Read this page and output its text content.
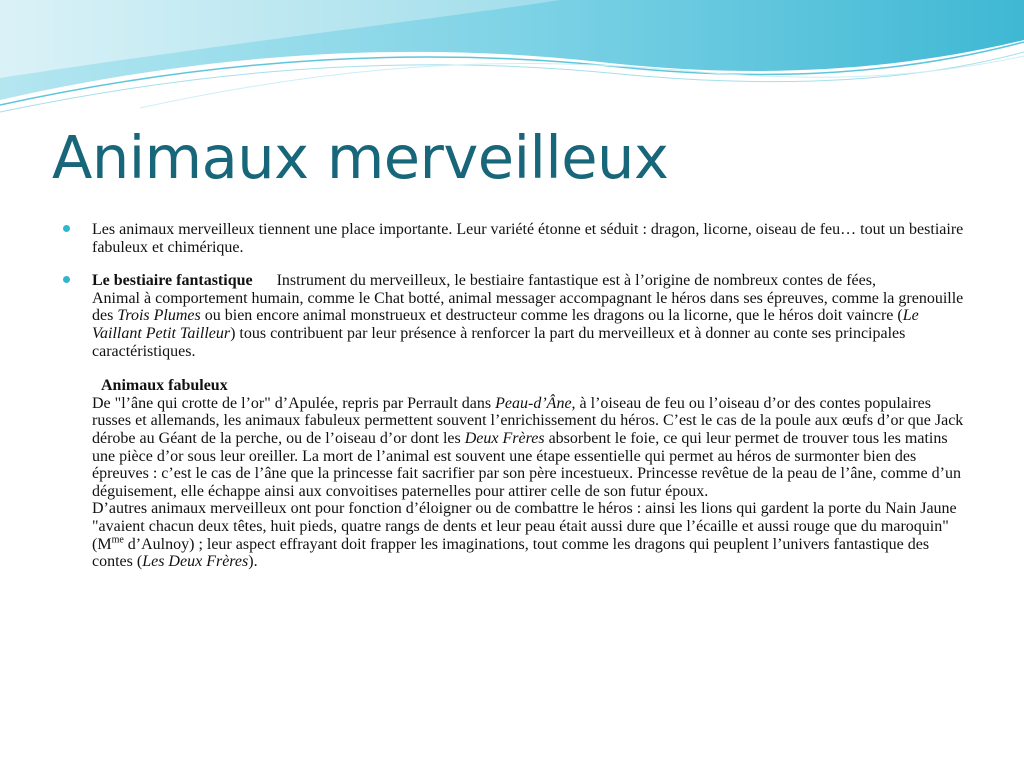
Animaux merveilleux
Les animaux merveilleux tiennent une place importante. Leur variété étonne et séduit : dragon, licorne, oiseau de feu… tout un bestiaire fabuleux et chimérique.
Le bestiaire fantastique Instrument du merveilleux, le bestiaire fantastique est à l’origine de nombreux contes de fées,
Animal à comportement humain, comme le Chat botté, animal messager accompagnant le héros dans ses épreuves, comme la grenouille des Trois Plumes ou bien encore animal monstrueux et destructeur comme les dragons ou la licorne, que le héros doit vaincre (Le Vaillant Petit Tailleur) tous contribuent par leur présence à renforcer la part du merveilleux et à donner au conte ses principales caractéristiques.
Animaux fabuleux
De "l’âne qui crotte de l’or" d’Apulée, repris par Perrault dans Peau-d’Âne, à l’oiseau de feu ou l’oiseau d’or des contes populaires russes et allemands, les animaux fabuleux permettent souvent l’enrichissement du héros. C’est le cas de la poule aux œufs d’or que Jack dérobe au Géant de la perche, ou de l’oiseau d’or dont les Deux Frères absorbent le foie, ce qui leur permet de trouver tous les matins une pièce d’or sous leur oreiller. La mort de l’animal est souvent une étape essentielle qui permet au héros de surmonter bien des épreuves : c’est le cas de l’âne que la princesse fait sacrifier par son père incestueux. Princesse revêtue de la peau de l’âne, comme d’un déguisement, elle échappe ainsi aux convoitises paternelles pour attirer celle de son futur époux.
D’autres animaux merveilleux ont pour fonction d’éloigner ou de combattre le héros : ainsi les lions qui gardent la porte du Nain Jaune "avaient chacun deux têtes, huit pieds, quatre rangs de dents et leur peau était aussi dure que l’écaille et aussi rouge que du maroquin" ($M^{me}$ d’Aulnoy) ; leur aspect effrayant doit frapper les imaginations, tout comme les dragons qui peuplent l’univers fantastique des contes (Les Deux Frères).
